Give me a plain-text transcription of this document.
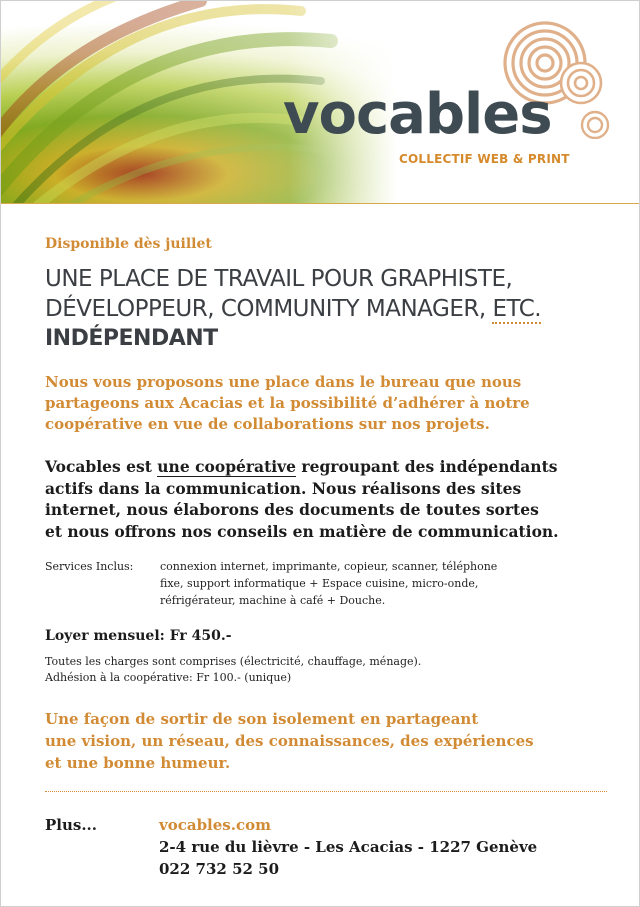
vocables
COLLECTIF WEB & PRINT

Disponible dès juillet

UNE PLACE DE TRAVAIL POUR GRAPHISTE,
DÉVELOPPEUR, COMMUNITY MANAGER, ETC.
INDÉPENDANT
Nous vous proposons une place dans le bureau que nous
partageons aux Acacias et la possibilité d’adhérer à notre
coopérative en vue de collaborations sur nos projets.
Vocables est une coopérative regroupant des indépendants
actifs dans la communication. Nous réalisons des sites
internet, nous élaborons des documents de toutes sortes
et nous offrons nos conseils en matière de communication.
Services Inclus: connexion internet, imprimante, copieur, scanner, téléphone
fixe, support informatique + Espace cuisine, micro-onde,
réfrigérateur, machine à café + Douche.

Loyer mensuel: Fr 450.-

Toutes les charges sont comprises (électricité, chauffage, ménage).
Adhésion à la coopérative: Fr 100.- (unique)
Une façon de sortir de son isolement en partageant
une vision, un réseau, des connaissances, des expériences
et une bonne humeur.

Plus...	vocables.com
2-4 rue du lièvre - Les Acacias - 1227 Genève
022 732 52 50
